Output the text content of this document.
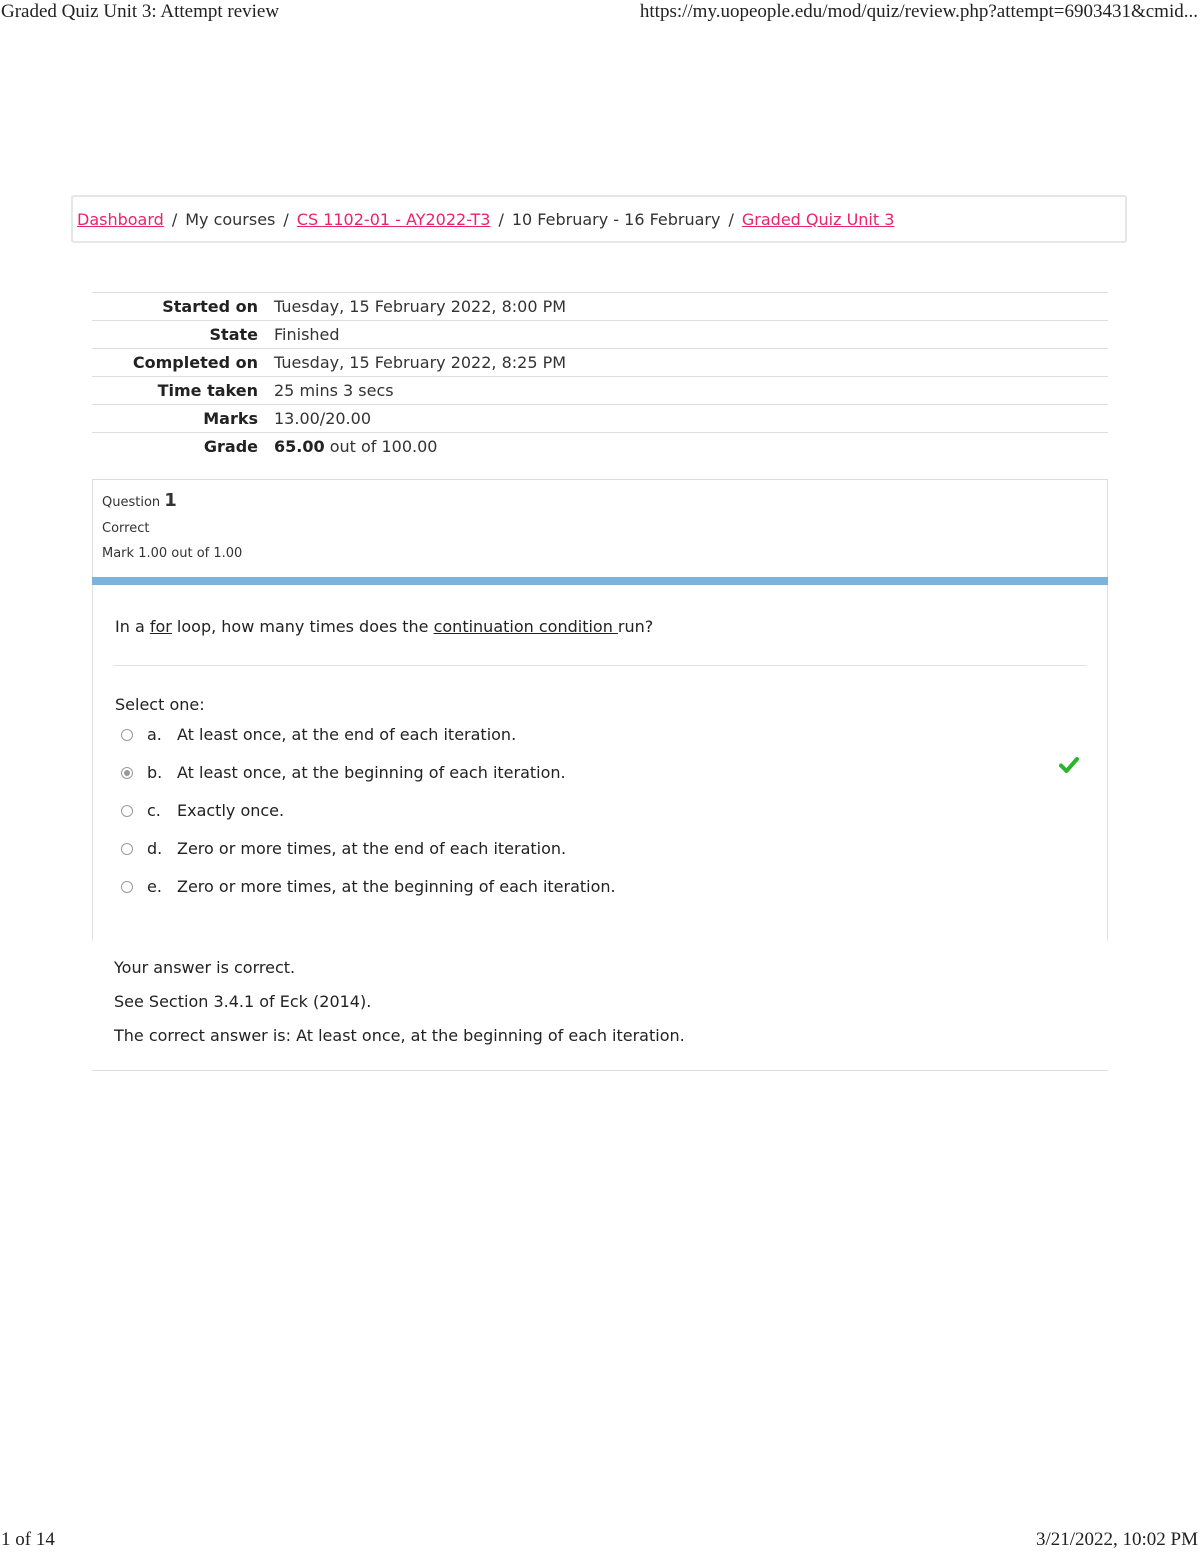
Graded Quiz Unit 3: Attempt review	https://my.uopeople.edu/mod/quiz/review.php?attempt=6903431&cmid...
Dashboard / My courses / CS 1102-01 - AY2022-T3 / 10 February - 16 February / Graded Quiz Unit 3
Started on	Tuesday, 15 February 2022, 8:00 PM
State	Finished
Completed on	Tuesday, 15 February 2022, 8:25 PM
Time taken	25 mins 3 secs
Marks	13.00/20.00
Grade	65.00 out of 100.00
Question 1
Correct
Mark 1.00 out of 1.00
In a for loop, how many times does the continuation condition run?
Select one:
a. At least once, at the end of each iteration.
b. At least once, at the beginning of each iteration.
c.	Exactly once.
d. Zero or more times, at the end of each iteration.
e. Zero or more times, at the beginning of each iteration.
Your answer is correct.
See Section 3.4.1 of Eck (2014).
The correct answer is: At least once, at the beginning of each iteration.
1 of 14	3/21/2022, 10:02 PM
